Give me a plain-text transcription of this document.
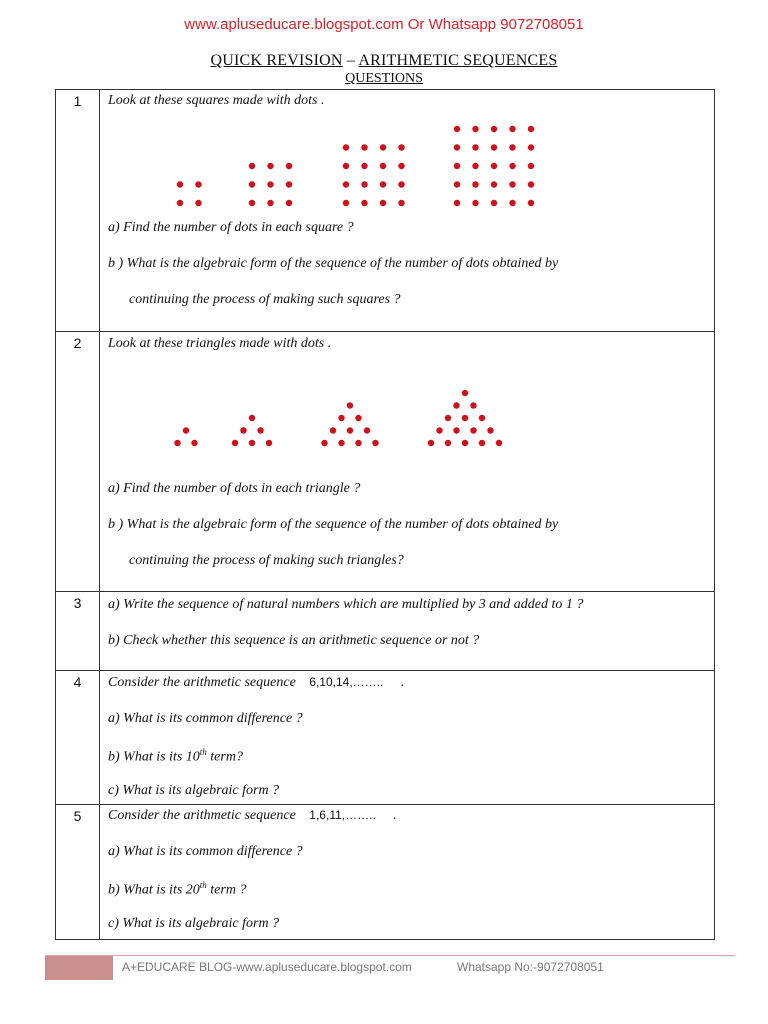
www.apluseducare.blogspot.com Or Whatsapp 9072708051
QUICK REVISION – ARITHMETIC SEQUENCES
QUESTIONS
1	Look at these squares made with dots .
a) Find the number of dots in each square ?
b ) What is the algebraic form of the sequence of the number of dots obtained by
continuing the process of making such squares ?

2	Look at these triangles made with dots .
a) Find the number of dots in each triangle ?
b ) What is the algebraic form of the sequence of the number of dots obtained by
continuing the process of making such triangles?

3	a) Write the sequence of natural numbers which are multiplied by 3 and added to 1 ?
b) Check whether this sequence is an arithmetic sequence or not ?

4	Consider the arithmetic sequence 6,10,14,…….. .
a) What is its common difference ?
b) What is its 10th term?
c) What is its algebraic form ?

5	Consider the arithmetic sequence 1,6,11,…….. .
a) What is its common difference ?
b) What is its 20th term ?
c) What is its algebraic form ?
A+EDUCARE BLOG-www.apluseducare.blogspot.com	Whatsapp No:-9072708051
